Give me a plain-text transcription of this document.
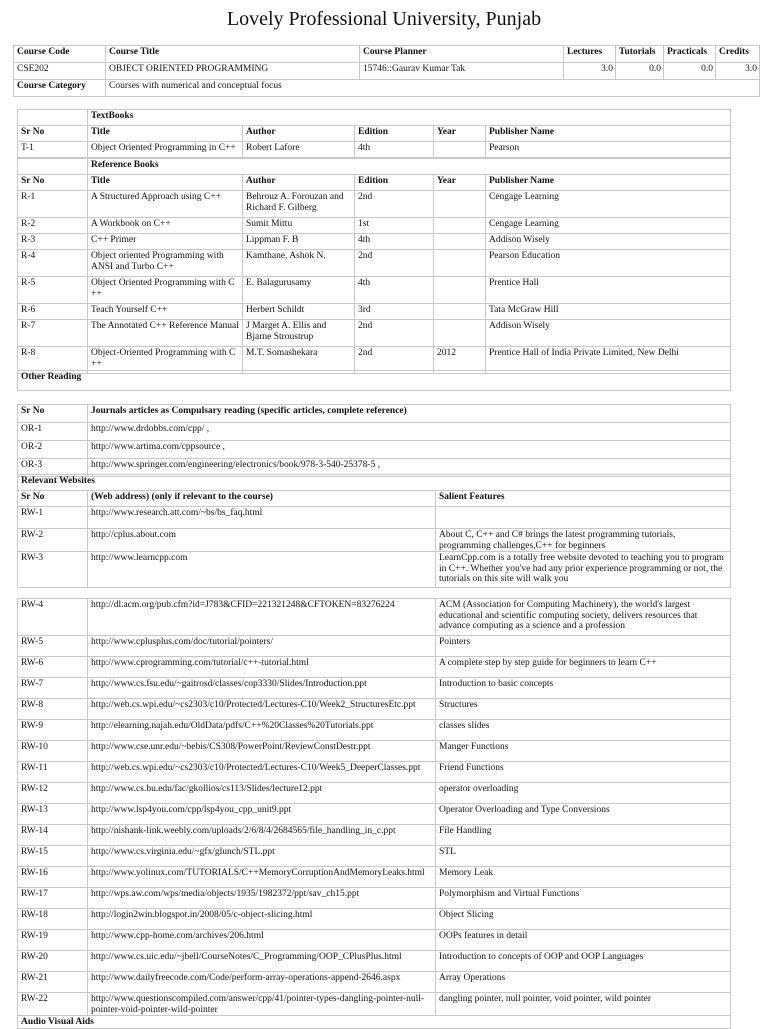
Lovely Professional University, Punjab
Course Code	Course Title	Course Planner	Lectures	Tutorials	Practicals	Credits
CSE202	OBJECT ORIENTED PROGRAMMING	15746::Gaurav Kumar Tak	3.0	0.0	0.0	3.0
Course Category	Courses with numerical and conceptual focus					
	TextBooks				
Sr No	Title	Author	Edition	Year	Publisher Name
T-1	Object Oriented Programming in C++	Robert Lafore	4th		Pearson
	Reference Books				
Sr No	Title	Author	Edition	Year	Publisher Name
R-1	A Structured Approach using C++	Behrouz A. Forouzan and Richard F. Gilberg	2nd		Cengage Learning
R-2	A Workbook on C++	Sumit Mittu	1st		Cengage Learning
R-3	C++ Primer	Lippman F. B	4th		Addison Wisely
R-4	Object oriented Programming with ANSI and Turbo C++	Kamthane, Ashok N.	2nd		Pearson Education
R-5	Object Oriented Programming with C ++	E. Balagurusamy	4th		Prentice Hall
R-6	Teach Yourself C++	Herbert Schildt	3rd		Tata McGraw Hill
R-7	The Annotated C++ Reference Manual	J Marget A. Ellis and Bjarne Stroustrup	2nd		Addison Wisely
R-8	Object-Oriented Programming with C ++	M.T. Somashekara	2nd	2012	Prentice Hall of India Private Limited, New Delhi
Other Reading	

Sr No	Journals articles as Compulsary reading (specific articles, complete reference)
OR-1	http://www.drdobbs.com/cpp/ ,
OR-2	http://www.artima.com/cppsource ,
OR-3	http://www.springer.com/engineering/electronics/book/978-3-540-25378-5 ,
Relevant Websites		
Sr No	(Web address) (only if relevant to the course)	Salient Features
RW-1	http://www.research.att.com/~bs/bs_faq.html	
RW-2	http://cplus.about.com	About C, C++ and C# brings the latest programming tutorials, programming challenges,C++ for beginners
RW-3	http://www.learncpp.com	LearnCpp.com is a totally free website devoted to teaching you to program in C++. Whether you've had any prior experience programming or not, the tutorials on this site will walk you
RW-4	http://dl.acm.org/pub.cfm?id=J783&CFID=221321248&CFTOKEN=83276224	ACM (Association for Computing Machinery), the world's largest educational and scientific computing society, delivers resources that advance computing as a science and a profession
RW-5	http://www.cplusplus.com/doc/tutorial/pointers/	Pointers
RW-6	http://www.cprogramming.com/tutorial/c++-tutorial.html	A complete step by step guide for beginners to learn C++
RW-7	http://www.cs.fsu.edu/~gaitrosd/classes/cop3330/Slides/Introduction.ppt	Introduction to basic concepts
RW-8	http://web.cs.wpi.edu/~cs2303/c10/Protected/Lectures-C10/Week2_StructuresEtc.ppt	Structures
RW-9	http://elearning.najah.edu/OldData/pdfs/C++%20Classes%20Tutorials.ppt	classes slides
RW-10	http://www.cse.unr.edu/~bebis/CS308/PowerPoint/ReviewConstDestr.ppt	Manger Functions
RW-11	http://web.cs.wpi.edu/~cs2303/c10/Protected/Lectures-C10/Week5_DeeperClasses.ppt	Friend Functions
RW-12	http://www.cs.bu.edu/fac/gkollios/cs113/Slides/lecture12.ppt	operator overloading
RW-13	http://www.lsp4you.com/cpp/lsp4you_cpp_unit9.ppt	Operator Overloading and Type Conversions
RW-14	http://nishank-link.weebly.com/uploads/2/6/8/4/2684565/file_handling_in_c.ppt	File Handling
RW-15	http://www.cs.virginia.edu/~gfx/glunch/STL.ppt	STL
RW-16	http://www.yolinux.com/TUTORIALS/C++MemoryCorruptionAndMemoryLeaks.html	Memory Leak
RW-17	http://wps.aw.com/wps/media/objects/1935/1982372/ppt/sav_ch15.ppt	Polymorphism and Virtual Functions
RW-18	http://login2win.blogspot.in/2008/05/c-object-slicing.html	Object Slicing
RW-19	http://www.cpp-home.com/archives/206.html	OOPs features in detail
RW-20	http://www.cs.uic.edu/~jbell/CourseNotes/C_Programming/OOP_CPlusPlus.html	Introduction to concepts of OOP and OOP Languages
RW-21	http://www.dailyfreecode.com/Code/perform-array-operations-append-2646.aspx	Array Operations
RW-22	http://www.questionscompiled.com/answer/cpp/41/pointer-types-dangling-pointer-null-pointer-void-pointer-wild-pointer	dangling pointer, null pointer, void pointer, wild pointer
Audio Visual Aids		
